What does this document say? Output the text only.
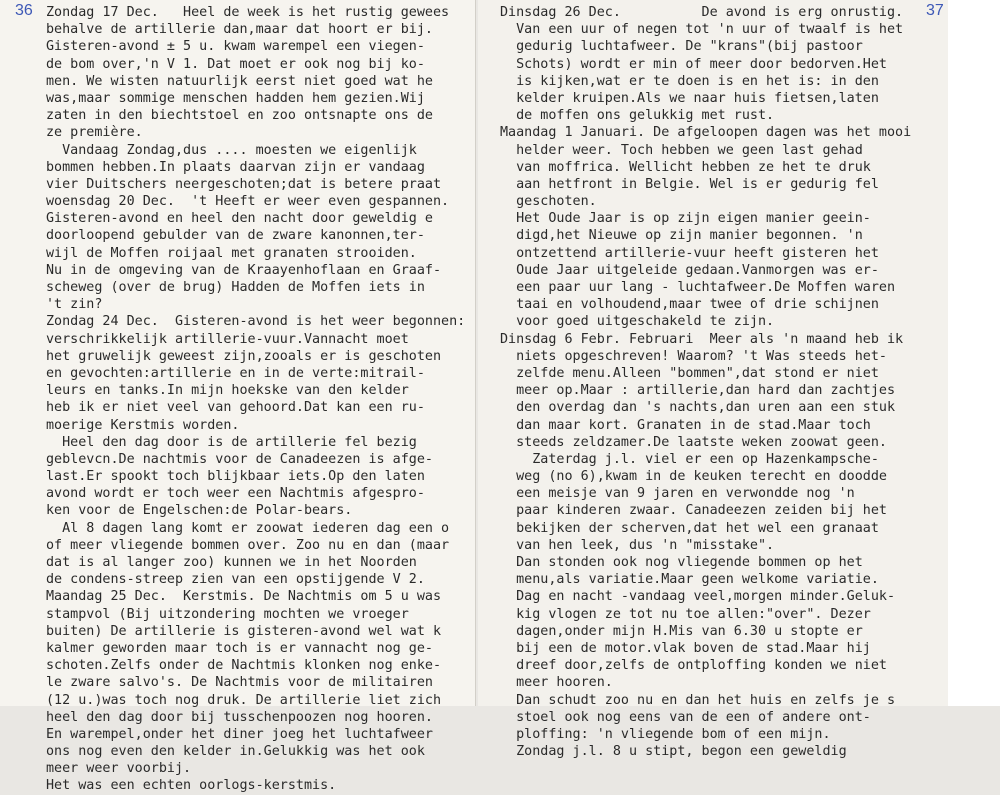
36	37
Zondag 17 Dec.   Heel de week is het rustig gewees
behalve de artillerie dan,maar dat hoort er bij.
Gisteren-avond ± 5 u. kwam warempel een viegen-
de bom over,'n V 1. Dat moet er ook nog bij ko-
men. We wisten natuurlijk eerst niet goed wat he
was,maar sommige menschen hadden hem gezien.Wij
zaten in den biechtstoel en zoo ontsnapte ons de
ze première.
Vandaag Zondag,dus .... moesten we eigenlijk
bommen hebben.In plaats daarvan zijn er vandaag
vier Duitschers neergeschoten;dat is betere praat
woensdag 20 Dec.  't Heeft er weer even gespannen.
Gisteren-avond en heel den nacht door geweldig e
doorloopend gebulder van de zware kanonnen,ter-
wijl de Moffen roijaal met granaten strooiden.
Nu in de omgeving van de Kraayenhoflaan en Graaf-
scheweg (over de brug) Hadden de Moffen iets in
't zin?
Zondag 24 Dec.  Gisteren-avond is het weer begonnen:
verschrikkelijk artillerie-vuur.Vannacht moet
het gruwelijk geweest zijn,zooals er is geschoten
en gevochten:artillerie en in de verte:mitrail-
leurs en tanks.In mijn hoekske van den kelder
heb ik er niet veel van gehoord.Dat kan een ru-
moerige Kerstmis worden.
Heel den dag door is de artillerie fel bezig
geblevcn.De nachtmis voor de Canadeezen is afge-
last.Er spookt toch blijkbaar iets.Op den laten
avond wordt er toch weer een Nachtmis afgespro-
ken voor de Engelschen:de Polar-bears.
Al 8 dagen lang komt er zoowat iederen dag een o
of meer vliegende bommen over. Zoo nu en dan (maar
dat is al langer zoo) kunnen we in het Noorden
de condens-streep zien van een opstijgende V 2.
Maandag 25 Dec.  Kerstmis. De Nachtmis om 5 u was
stampvol (Bij uitzondering mochten we vroeger
buiten) De artillerie is gisteren-avond wel wat k
kalmer geworden maar toch is er vannacht nog ge-
schoten.Zelfs onder de Nachtmis klonken nog enke-
le zware salvo's. De Nachtmis voor de militairen
(12 u.)was toch nog druk. De artillerie liet zich
heel den dag door bij tusschenpoozen nog hooren.
En warempel,onder het diner joeg het luchtafweer
ons nog even den kelder in.Gelukkig was het ook
meer weer voorbij.
Het was een echten oorlogs-kerstmis.
Dinsdag 26 Dec.          De avond is erg onrustig.
Van een uur of negen tot 'n uur of twaalf is het
gedurig luchtafweer. De "krans"(bij pastoor
Schots) wordt er min of meer door bedorven.Het
is kijken,wat er te doen is en het is: in den
kelder kruipen.Als we naar huis fietsen,laten
de moffen ons gelukkig met rust.
Maandag 1 Januari. De afgeloopen dagen was het mooi
helder weer. Toch hebben we geen last gehad
van moffrica. Wellicht hebben ze het te druk
aan hetfront in Belgie. Wel is er gedurig fel
geschoten.
Het Oude Jaar is op zijn eigen manier geein-
digd,het Nieuwe op zijn manier begonnen. 'n
ontzettend artillerie-vuur heeft gisteren het
Oude Jaar uitgeleide gedaan.Vanmorgen was er-
een paar uur lang - luchtafweer.De Moffen waren
taai en volhoudend,maar twee of drie schijnen
voor goed uitgeschakeld te zijn.
Dinsdag 6 Febr. Februari  Meer als 'n maand heb ik
niets opgeschreven! Waarom? 't Was steeds het-
zelfde menu.Alleen "bommen",dat stond er niet
meer op.Maar : artillerie,dan hard dan zachtjes
den overdag dan 's nachts,dan uren aan een stuk
dan maar kort. Granaten in de stad.Maar toch
steeds zeldzamer.De laatste weken zoowat geen.
Zaterdag j.l. viel er een op Hazenkampsche-
weg (no 6),kwam in de keuken terecht en doodde
een meisje van 9 jaren en verwondde nog 'n
paar kinderen zwaar. Canadeezen zeiden bij het
bekijken der scherven,dat het wel een granaat
van hen leek, dus 'n "misstake".
Dan stonden ook nog vliegende bommen op het
menu,als variatie.Maar geen welkome variatie.
Dag en nacht -vandaag veel,morgen minder.Geluk-
kig vlogen ze tot nu toe allen:"over". Dezer
dagen,onder mijn H.Mis van 6.30 u stopte er
bij een de motor.vlak boven de stad.Maar hij
dreef door,zelfs de ontploffing konden we niet
meer hooren.
Dan schudt zoo nu en dan het huis en zelfs je s
stoel ook nog eens van de een of andere ont-
ploffing: 'n vliegende bom of een mijn.
Zondag j.l. 8 u stipt, begon een geweldig
